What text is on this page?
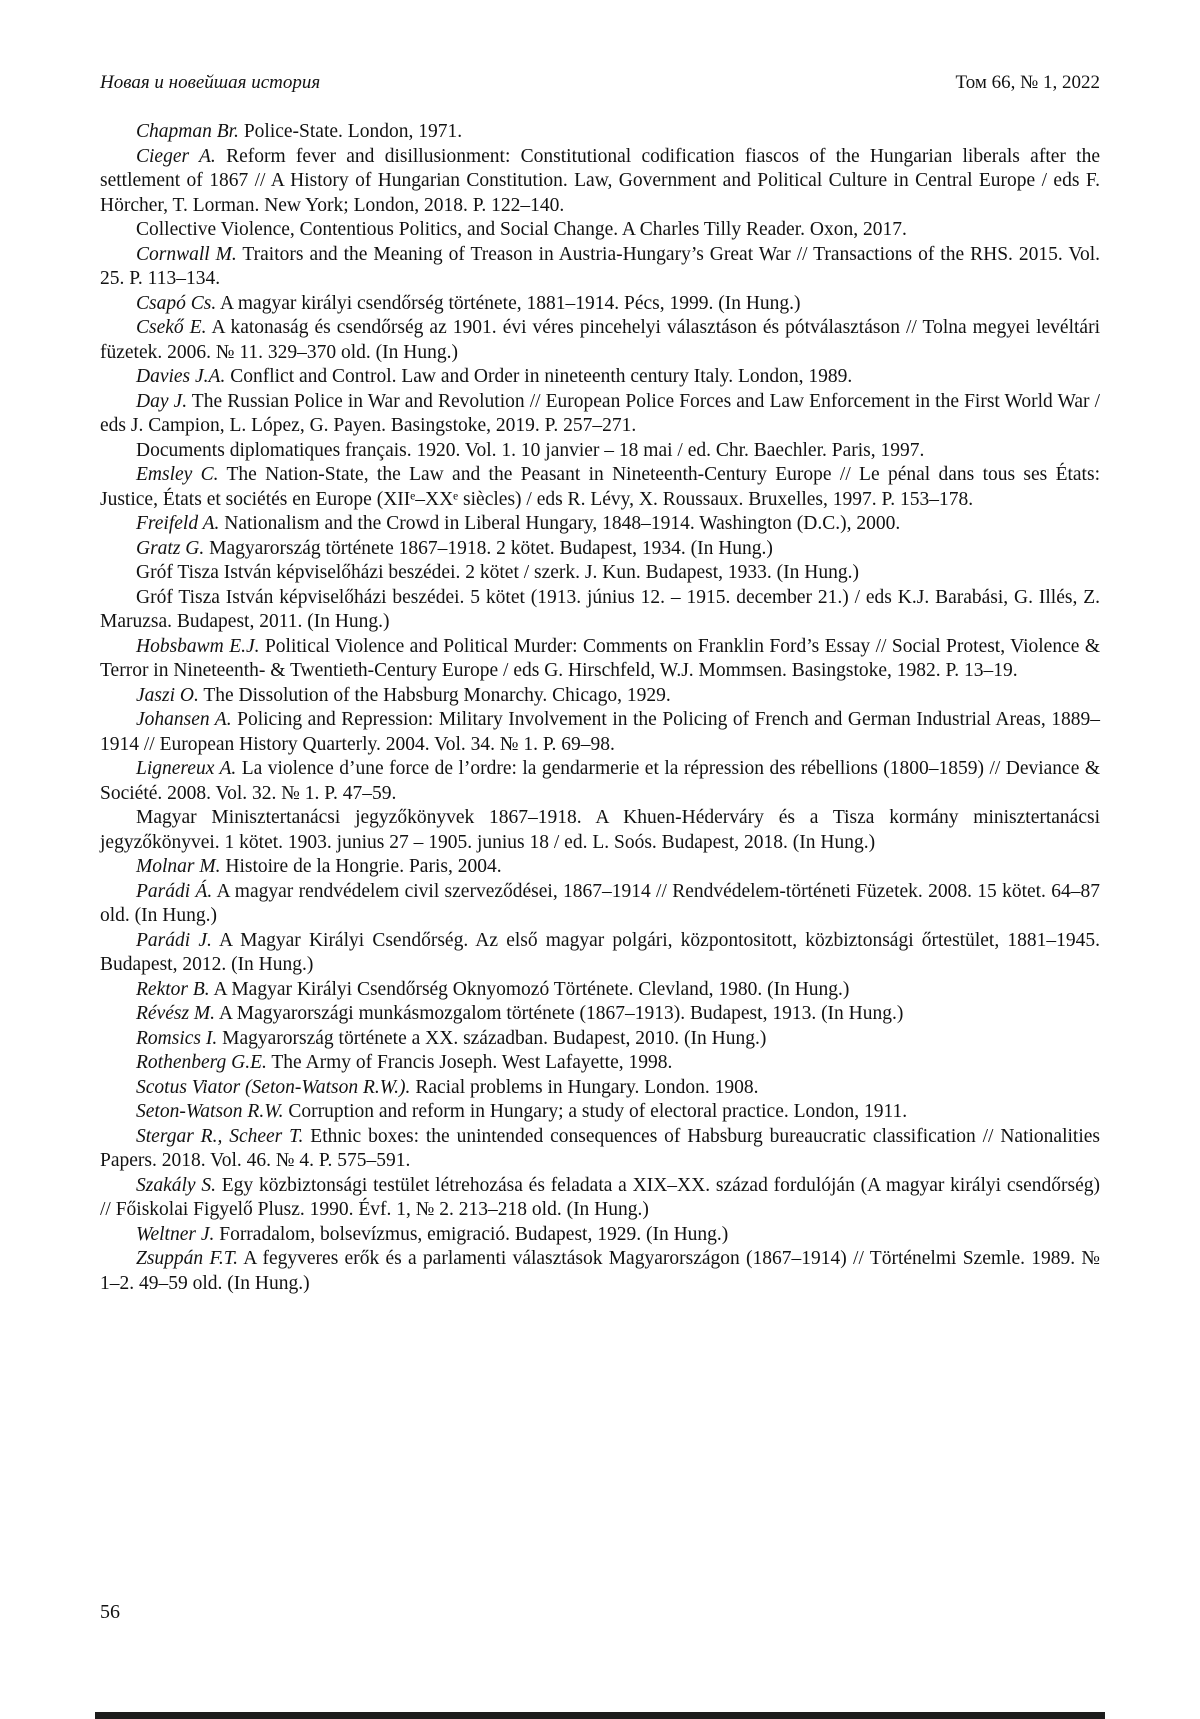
Новая и новейшая история	Том 66, № 1, 2022

Chapman Br. Police-State. London, 1971.

Cieger A. Reform fever and disillusionment: Constitutional codification fiascos of the Hungarian liberals after the settlement of 1867 // A History of Hungarian Constitution. Law, Government and Political Culture in Central Europe / eds F. Hörcher, T. Lorman. New York; London, 2018. P. 122–140.

Collective Violence, Contentious Politics, and Social Change. A Charles Tilly Reader. Oxon, 2017.

Cornwall M. Traitors and the Meaning of Treason in Austria-Hungary’s Great War // Transactions of the RHS. 2015. Vol. 25. P. 113–134.

Csapó Cs. A magyar királyi csendőrség története, 1881–1914. Pécs, 1999. (In Hung.)

Csekő E. A katonaság és csendőrség az 1901. évi véres pincehelyi választáson és pótválasztáson // Tolna megyei levéltári füzetek. 2006. № 11. 329–370 old. (In Hung.)

Davies J.A. Conflict and Control. Law and Order in nineteenth century Italy. London, 1989.

Day J. The Russian Police in War and Revolution // European Police Forces and Law Enforcement in the First World War / eds J. Campion, L. López, G. Payen. Basingstoke, 2019. P. 257–271.

Documents diplomatiques français. 1920. Vol. 1. 10 janvier – 18 mai / ed. Chr. Baechler. Paris, 1997.

Emsley C. The Nation-State, the Law and the Peasant in Nineteenth-Century Europe // Le pénal dans tous ses États: Justice, États et sociétés en Europe (XIIᵉ–XXᵉ siècles) / eds R. Lévy, X. Roussaux. Bruxelles, 1997. P. 153–178.

Freifeld A. Nationalism and the Crowd in Liberal Hungary, 1848–1914. Washington (D.C.), 2000.

Gratz G. Magyarország története 1867–1918. 2 kötet. Budapest, 1934. (In Hung.)

Gróf Tisza István képviselőházi beszédei. 2 kötet / szerk. J. Kun. Budapest, 1933. (In Hung.)

Gróf Tisza István képviselőházi beszédei. 5 kötet (1913. június 12. – 1915. december 21.) / eds K.J. Barabási, G. Illés, Z. Maruzsa. Budapest, 2011. (In Hung.)

Hobsbawm E.J. Political Violence and Political Murder: Comments on Franklin Ford’s Essay // Social Protest, Violence & Terror in Nineteenth- & Twentieth-Century Europe / eds G. Hirschfeld, W.J. Mommsen. Basingstoke, 1982. P. 13–19.

Jaszi O. The Dissolution of the Habsburg Monarchy. Chicago, 1929.

Johansen A. Policing and Repression: Military Involvement in the Policing of French and German Industrial Areas, 1889–1914 // European History Quarterly. 2004. Vol. 34. № 1. P. 69–98.

Lignereux A. La violence d’une force de l’ordre: la gendarmerie et la répression des rébellions (1800–1859) // Deviance & Société. 2008. Vol. 32. № 1. P. 47–59.

Magyar Minisztertanácsi jegyzőkönyvek 1867–1918. A Khuen-Héderváry és a Tisza kormány minisztertanácsi jegyzőkönyvei. 1 kötet. 1903. junius 27 – 1905. junius 18 / ed. L. Soós. Budapest, 2018. (In Hung.)

Molnar M. Histoire de la Hongrie. Paris, 2004.

Parádi Á. A magyar rendvédelem civil szerveződései, 1867–1914 // Rendvédelem-történeti Füzetek. 2008. 15 kötet. 64–87 old. (In Hung.)

Parádi J. A Magyar Királyi Csendőrség. Az első magyar polgári, központositott, közbiztonsági őrtestület, 1881–1945. Budapest, 2012. (In Hung.)

Rektor B. A Magyar Királyi Csendőrség Oknyomozó Története. Clevland, 1980. (In Hung.)

Révész M. A Magyarországi munkásmozgalom története (1867–1913). Budapest, 1913. (In Hung.)

Romsics I. Magyarország története a XX. században. Budapest, 2010. (In Hung.)

Rothenberg G.E. The Army of Francis Joseph. West Lafayette, 1998.

Scotus Viator (Seton-Watson R.W.). Racial problems in Hungary. London. 1908.

Seton-Watson R.W. Corruption and reform in Hungary; a study of electoral practice. London, 1911.

Stergar R., Scheer T. Ethnic boxes: the unintended consequences of Habsburg bureaucratic classification // Nationalities Papers. 2018. Vol. 46. № 4. P. 575–591.

Szakály S. Egy közbiztonsági testület létrehozása és feladata a XIX–XX. század fordulóján (A magyar királyi csendőrség) // Főiskolai Figyelő Plusz. 1990. Évf. 1, № 2. 213–218 old. (In Hung.)

Weltner J. Forradalom, bolsevízmus, emigració. Budapest, 1929. (In Hung.)

Zsuppán F.T. A fegyveres erők és a parlamenti választások Magyarországon (1867–1914) // Történelmi Szemle. 1989. № 1–2. 49–59 old. (In Hung.)

56
